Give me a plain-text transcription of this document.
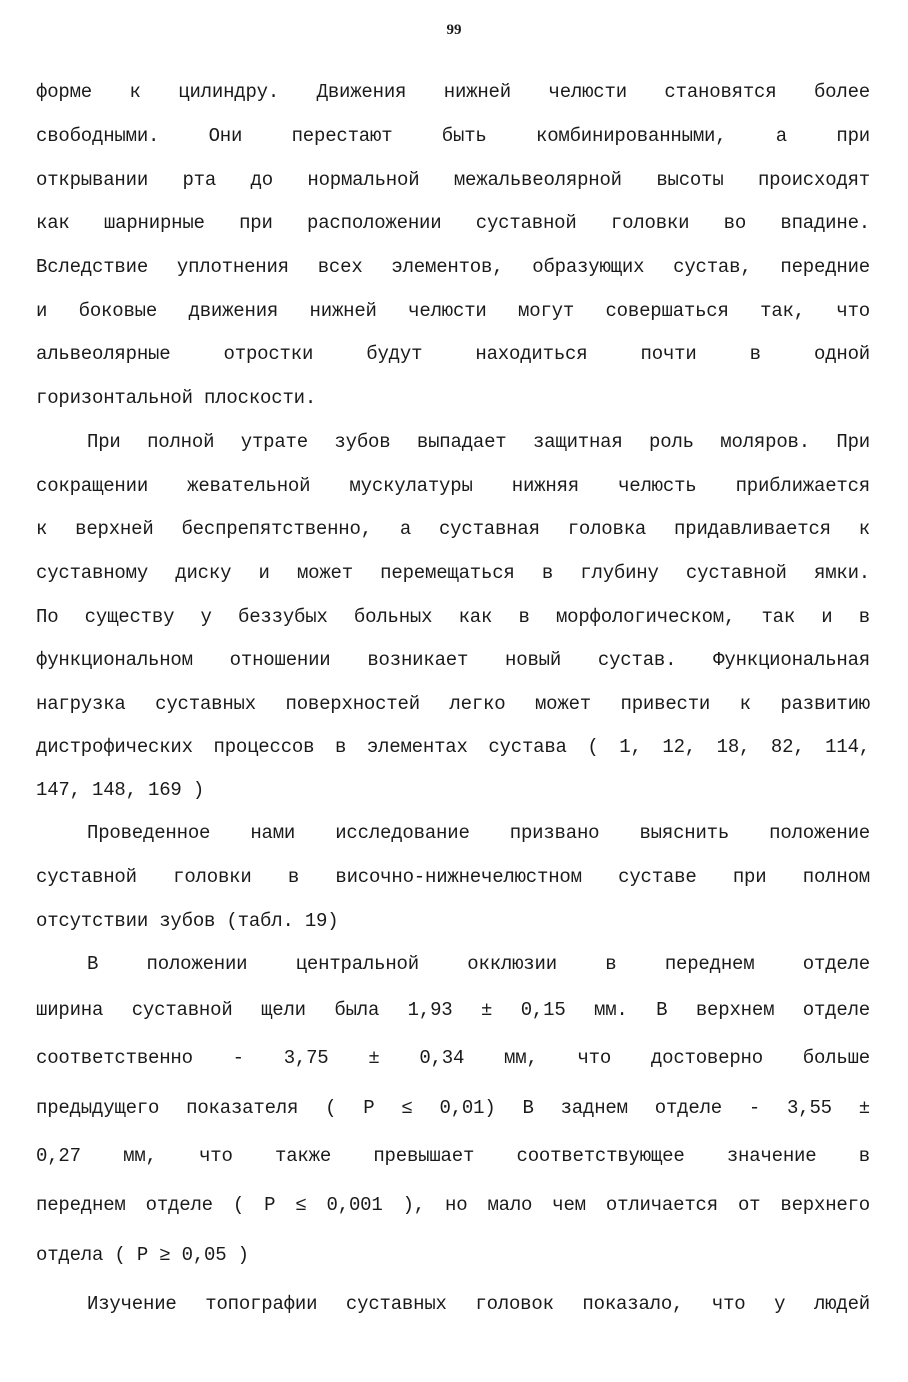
99
форме к цилиндру. Движения нижней челюсти становятся более
свободными. Они перестают быть комбинированными, а при
открывании рта до нормальной межальвеолярной высоты происходят
как шарнирные при расположении суставной головки во впадине.
Вследствие уплотнения всех элементов, образующих сустав, передние
и боковые движения нижней челюсти могут совершаться так, что
альвеолярные отростки будут находиться почти в одной
горизонтальной плоскости.
При полной утрате зубов выпадает защитная роль моляров. При
сокращении жевательной мускулатуры нижняя челюсть приближается
к верхней беспрепятственно, а суставная головка придавливается к
суставному диску и может перемещаться в глубину суставной ямки.
По существу у беззубых больных как в морфологическом, так и в
функциональном отношении возникает новый сустав. Функциональная
нагрузка суставных поверхностей легко может привести к развитию
дистрофических процессов в элементах сустава ( 1, 12, 18, 82, 114,
147, 148, 169 )
Проведенное нами исследование призвано выяснить положение
суставной головки в височно-нижнечелюстном суставе при полном
отсутствии зубов (табл. 19)
В положении центральной окклюзии в переднем отделе
ширина суставной щели была 1,93 ± 0,15 мм. В верхнем отделе
соответственно - 3,75 ± 0,34 мм, что достоверно больше
предыдущего показателя ( P ≤ 0,01) В заднем отделе - 3,55 ±
0,27 мм, что также превышает соответствующее значение в
переднем отделе ( P ≤ 0,001 ), но мало чем отличается от верхнего
отдела ( P ≥ 0,05 )
Изучение топографии суставных головок показало, что у людей
